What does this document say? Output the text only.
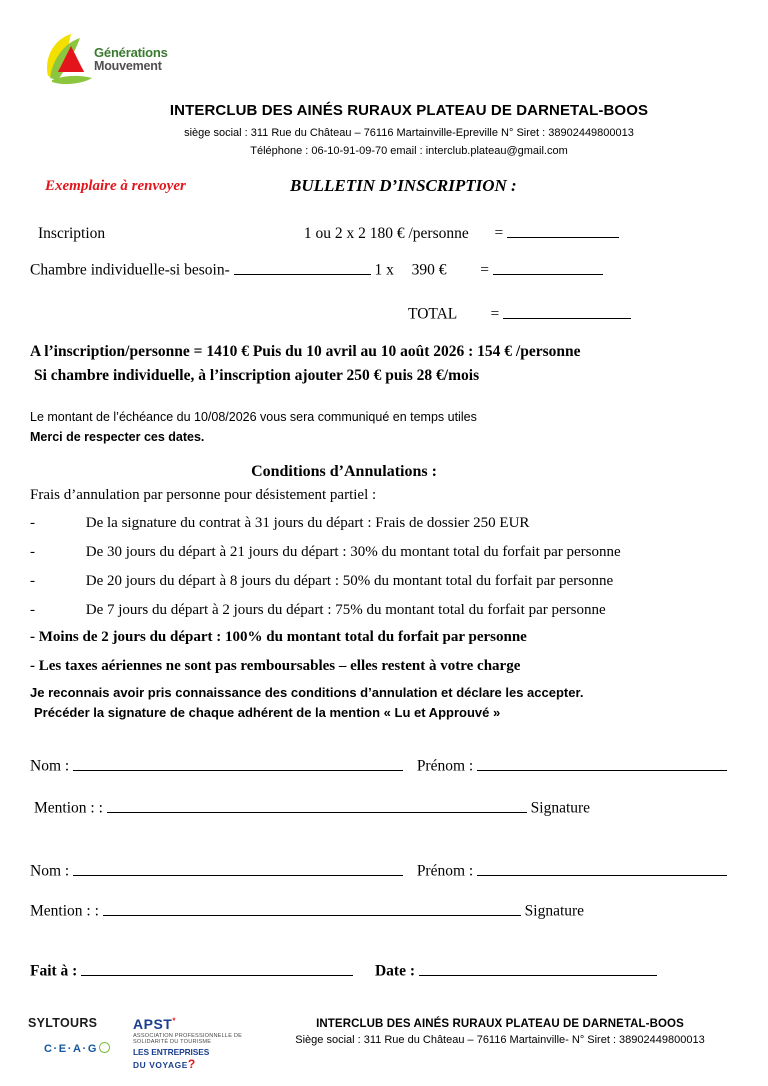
Générations
Mouvement
INTERCLUB DES AINÉS RURAUX PLATEAU DE DARNETAL-BOOS
siège social : 311 Rue du Château – 76116 Martainville-Epreville N° Siret : 38902449800013
Téléphone : 06-10-91-09-70 email : interclub.plateau@gmail.com
Exemplaire à renvoyer	BULLETIN D’INSCRIPTION :
Inscription	1 ou 2 x 2 180 € /personne =
Chambre individuelle-si besoin-	1 x 390 € =
TOTAL =
A l’inscription/personne = 1410 € Puis du 10 avril au 10 août 2026 : 154 € /personne
Si chambre individuelle, à l’inscription ajouter 250 € puis 28 €/mois
Le montant de l’échéance du 10/08/2026 vous sera communiqué en temps utiles
Merci de respecter ces dates.
Conditions d’Annulations :
Frais d’annulation par personne pour désistement partiel :
-	De la signature du contrat à 31 jours du départ : Frais de dossier 250 EUR
-	De 30 jours du départ à 21 jours du départ : 30% du montant total du forfait par personne
-	De 20 jours du départ à 8 jours du départ : 50% du montant total du forfait par personne
-	De 7 jours du départ à 2 jours du départ : 75% du montant total du forfait par personne
- Moins de 2 jours du départ : 100% du montant total du forfait par personne
- Les taxes aériennes ne sont pas remboursables – elles restent à votre charge
Je reconnais avoir pris connaissance des conditions d’annulation et déclare les accepter.
Précéder la signature de chaque adhérent de la mention « Lu et Approuvé »
Nom :	Prénom :
Mention : :	Signature
Nom :	Prénom :
Mention : :	Signature
Fait à :	Date :
SYLTOURS
C·E·A·G
APST*
ASSOCIATION PROFESSIONNELLE DE SOLIDARITÉ DU TOURISME
LES ENTREPRISES
DU VOYAGE?
INTERCLUB DES AINÉS RURAUX PLATEAU DE DARNETAL-BOOS
Siège social : 311 Rue du Château – 76116 Martainville- N° Siret : 38902449800013
